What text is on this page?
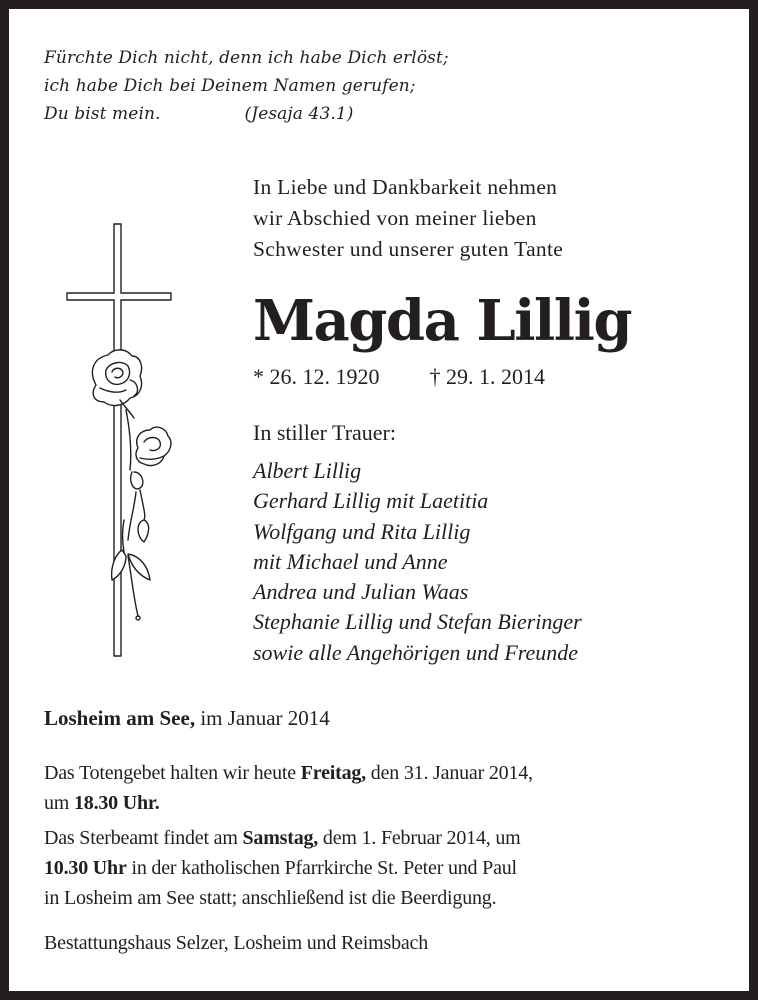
Fürchte Dich nicht, denn ich habe Dich erlöst;
ich habe Dich bei Deinem Namen gerufen;
Du bist mein.	(Jesaja 43.1)
In Liebe und Dankbarkeit nehmen
wir Abschied von meiner lieben
Schwester und unserer guten Tante
Magda Lillig
* 26. 12. 1920 † 29. 1. 2014
In stiller Trauer:
Albert Lillig
Gerhard Lillig mit Laetitia
Wolfgang und Rita Lillig
mit Michael und Anne
Andrea und Julian Waas
Stephanie Lillig und Stefan Bieringer
sowie alle Angehörigen und Freunde
Losheim am See, im Januar 2014
Das Totengebet halten wir heute Freitag, den 31. Januar 2014,
um 18.30 Uhr.
Das Sterbeamt findet am Samstag, dem 1. Februar 2014, um
10.30 Uhr in der katholischen Pfarrkirche St. Peter und Paul
in Losheim am See statt; anschließend ist die Beerdigung.
Bestattungshaus Selzer, Losheim und Reimsbach
